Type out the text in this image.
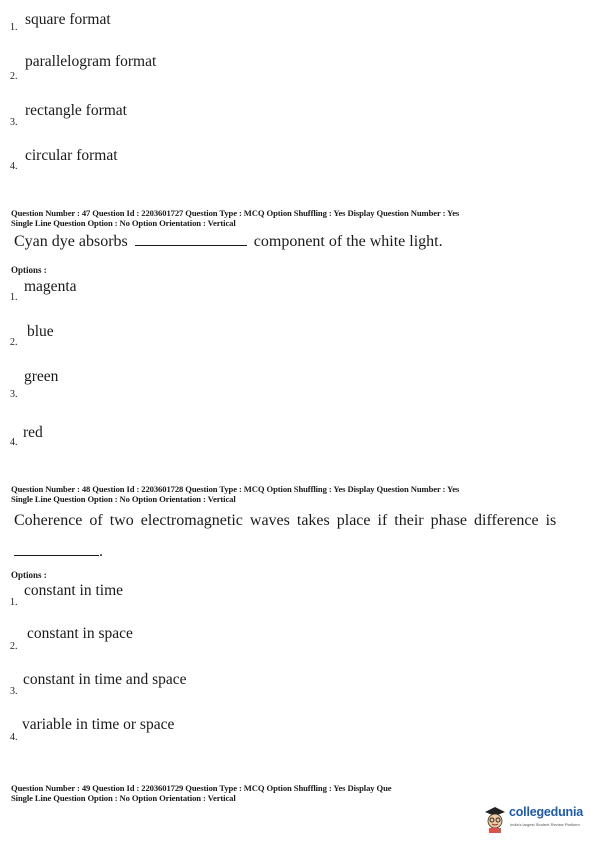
1. square format
2.
parallelogram format
3.
rectangle format
4.
circular format
Question Number : 47 Question Id : 2203601727 Question Type : MCQ Option Shuffling : Yes Display Question Number : Yes
Single Line Question Option : No Option Orientation : Vertical
Cyan dye absorbs	component of the white light.
Options :
1.
magenta
2.
blue
3.
green
4.
red
Question Number : 48 Question Id : 2203601728 Question Type : MCQ Option Shuffling : Yes Display Question Number : Yes
Single Line Question Option : No Option Orientation : Vertical
Coherence of two electromagnetic waves takes place if their phase difference is
.
Options :
1.
constant in time
2.
constant in space
3.
constant in time and space
4.
variable in time or space
Question Number : 49 Question Id : 2203601729 Question Type : MCQ Option Shuffling : Yes Display Que
Single Line Question Option : No Option Orientation : Vertical
collegedunia
India's largest Student Review Platform
